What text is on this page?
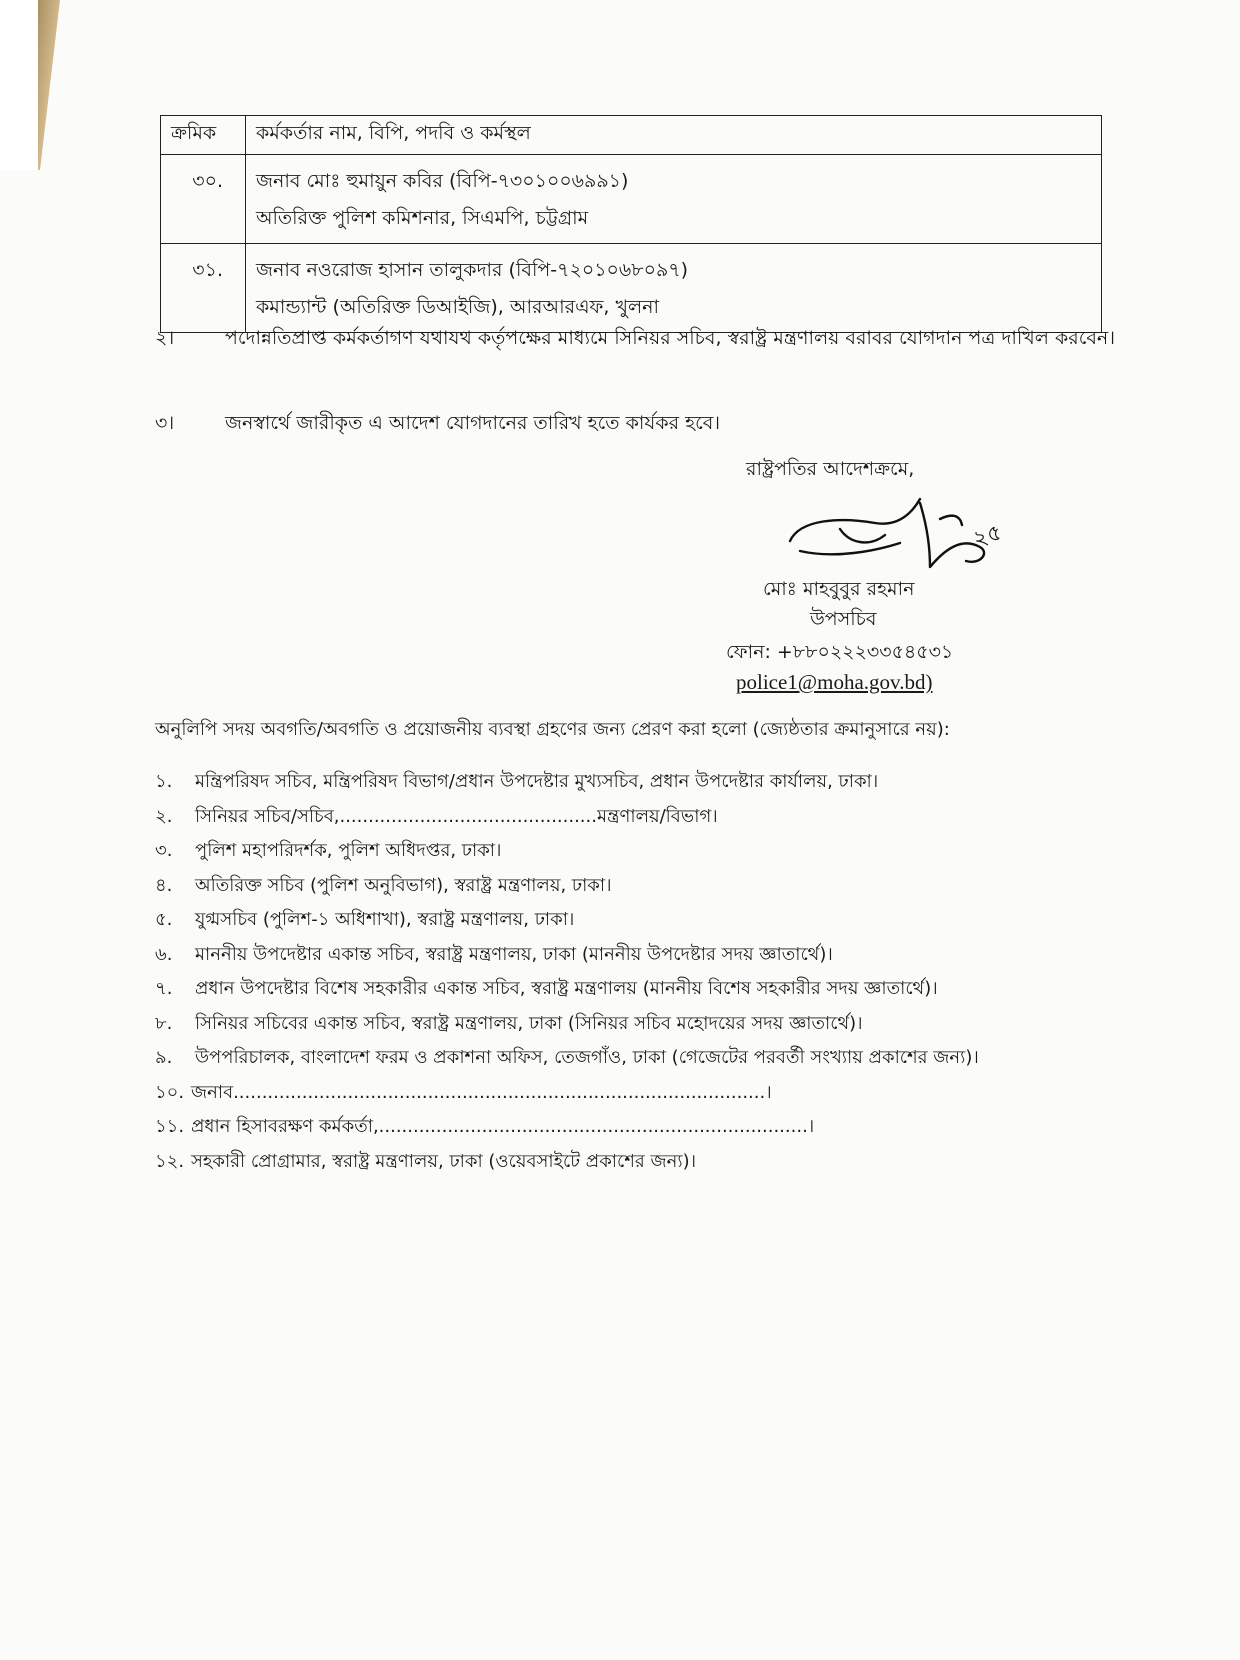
ক্রমিক	কর্মকর্তার নাম, বিপি, পদবি ও কর্মস্থল
৩০.	জনাব মোঃ হুমায়ুন কবির (বিপি-৭৩০১০০৬৯৯১)
অতিরিক্ত পুলিশ কমিশনার, সিএমপি, চট্টগ্রাম

৩১.	জনাব নওরোজ হাসান তালুকদার (বিপি-৭২০১০৬৮০৯৭)
কমান্ড্যান্ট (অতিরিক্ত ডিআইজি), আরআরএফ, খুলনা
২।	পদোন্নতিপ্রাপ্ত কর্মকর্তাগণ যথাযথ কর্তৃপক্ষের মাধ্যমে সিনিয়র সচিব, স্বরাষ্ট্র মন্ত্রণালয় বরাবর যোগদান পত্র দাখিল করবেন।
৩।	জনস্বার্থে জারীকৃত এ আদেশ যোগদানের তারিখ হতে কার্যকর হবে।
রাষ্ট্রপতির আদেশক্রমে,
২৫
মোঃ মাহবুবুর রহমান
উপসচিব
ফোন: +৮৮০২২২৩৩৫৪৫৩১
police1@moha.gov.bd)
অনুলিপি সদয় অবগতি/অবগতি ও প্রয়োজনীয় ব্যবস্থা গ্রহণের জন্য প্রেরণ করা হলো (জ্যেষ্ঠতার ক্রমানুসারে নয়):
১. মন্ত্রিপরিষদ সচিব, মন্ত্রিপরিষদ বিভাগ/প্রধান উপদেষ্টার মুখ্যসচিব, প্রধান উপদেষ্টার কার্যালয়, ঢাকা।
২. সিনিয়র সচিব/সচিব,.............................................মন্ত্রণালয়/বিভাগ।
৩. পুলিশ মহাপরিদর্শক, পুলিশ অধিদপ্তর, ঢাকা।
৪. অতিরিক্ত সচিব (পুলিশ অনুবিভাগ), স্বরাষ্ট্র মন্ত্রণালয়, ঢাকা।
৫. যুগ্মসচিব (পুলিশ-১ অধিশাখা), স্বরাষ্ট্র মন্ত্রণালয়, ঢাকা।
৬. মাননীয় উপদেষ্টার একান্ত সচিব, স্বরাষ্ট্র মন্ত্রণালয়, ঢাকা (মাননীয় উপদেষ্টার সদয় জ্ঞাতার্থে)।
৭. প্রধান উপদেষ্টার বিশেষ সহকারীর একান্ত সচিব, স্বরাষ্ট্র মন্ত্রণালয় (মাননীয় বিশেষ সহকারীর সদয় জ্ঞাতার্থে)।
৮. সিনিয়র সচিবের একান্ত সচিব, স্বরাষ্ট্র মন্ত্রণালয়, ঢাকা (সিনিয়র সচিব মহোদয়ের সদয় জ্ঞাতার্থে)।
৯. উপপরিচালক, বাংলাদেশ ফরম ও প্রকাশনা অফিস, তেজগাঁও, ঢাকা (গেজেটের পরবর্তী সংখ্যায় প্রকাশের জন্য)।
১০. জনাব.............................................................................................।
১১. প্রধান হিসাবরক্ষণ কর্মকর্তা,...........................................................................।
১২. সহকারী প্রোগ্রামার, স্বরাষ্ট্র মন্ত্রণালয়, ঢাকা (ওয়েবসাইটে প্রকাশের জন্য)।
